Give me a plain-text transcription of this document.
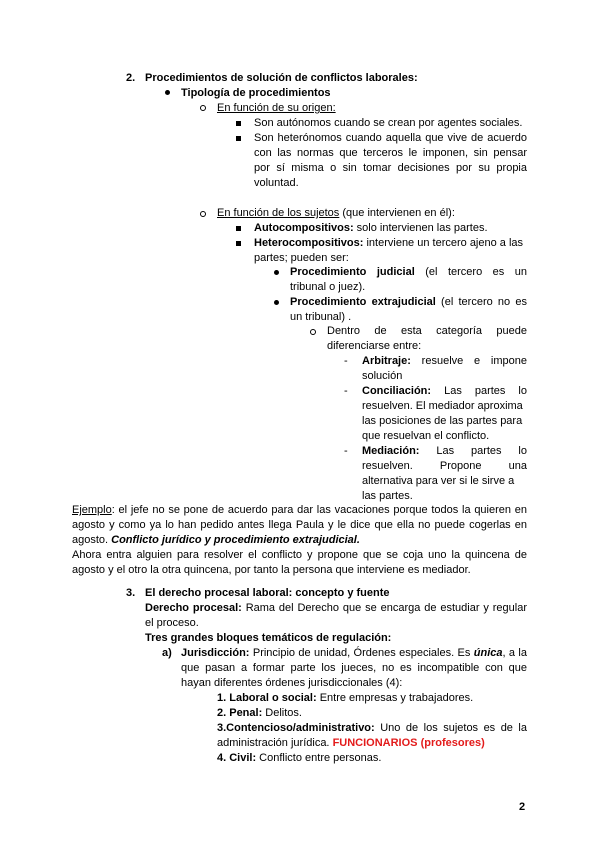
2. Procedimientos de solución de conflictos laborales:
Tipología de procedimientos
En función de su origen:
Son autónomos cuando se crean por agentes sociales.
Son heterónomos cuando aquella que vive de acuerdo
con las normas que terceros le imponen, sin pensar
por sí misma o sin tomar decisiones por su propia
voluntad.
En función de los sujetos (que intervienen en él):
Autocompositivos: solo intervienen las partes.
Heterocompositivos: interviene un tercero ajeno a las
partes; pueden ser:
Procedimiento judicial (el tercero es un
tribunal o juez).
Procedimiento extrajudicial (el tercero no es
un tribunal) .
Dentro de esta categoría puede
diferenciarse entre:
- Arbitraje: resuelve e impone
solución
- Conciliación: Las partes lo
resuelven. El mediador aproxima
las posiciones de las partes para
que resuelvan el conflicto.
- Mediación: Las partes lo
resuelven. Propone una
alternativa para ver si le sirve a
las partes.
Ejemplo: el jefe no se pone de acuerdo para dar las vacaciones porque todos la quieren en
agosto y como ya lo han pedido antes llega Paula y le dice que ella no puede cogerlas en
agosto. Conflicto jurídico y procedimiento extrajudicial.
Ahora entra alguien para resolver el conflicto y propone que se coja uno la quincena de
agosto y el otro la otra quincena, por tanto la persona que interviene es mediador.
3. El derecho procesal laboral: concepto y fuente
Derecho procesal: Rama del Derecho que se encarga de estudiar y regular
el proceso.
Tres grandes bloques temáticos de regulación:
a) Jurisdicción: Principio de unidad, Órdenes especiales. Es única, a la
que pasan a formar parte los jueces, no es incompatible con que
hayan diferentes órdenes jurisdiccionales (4):
1. Laboral o social: Entre empresas y trabajadores.
2. Penal: Delitos.
3.Contencioso/administrativo: Uno de los sujetos es de la
administración jurídica. FUNCIONARIOS (profesores)
4. Civil: Conflicto entre personas.
2
